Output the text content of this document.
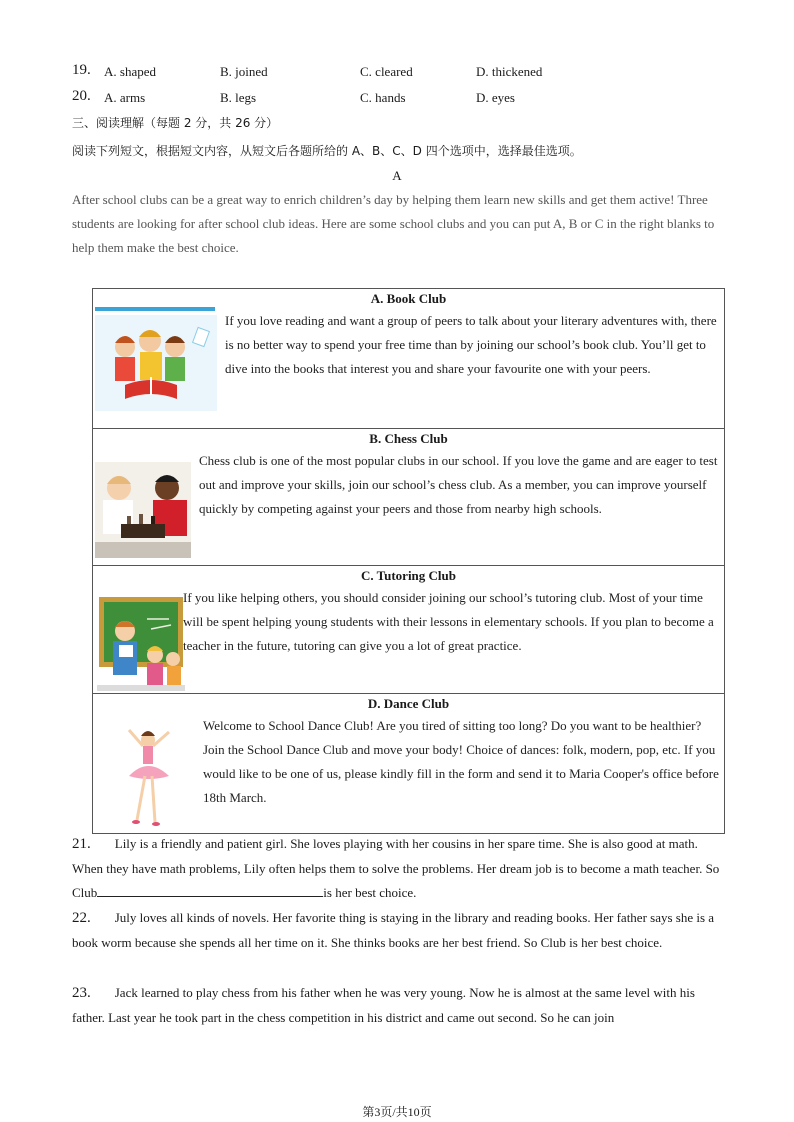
19.	A. shaped	B. joined	C. cleared	D. thickened
20.	A. arms	B. legs	C. hands	D. eyes
三、阅读理解（每题 2 分，共 26 分）
阅读下列短文，根据短文内容，从短文后各题所给的 A、B、C、D 四个选项中，选择最佳选项。
A
After school clubs can be a great way to enrich children’s day by helping them learn new skills and get them active! Three students are looking for after school club ideas. Here are some school clubs and you can put A, B or C in the right blanks to help them make the best choice.
A. Book Club
If you love reading and want a group of peers to talk about your literary adventures with, there is no better way to spend your free time than by joining our school’s book club. You’ll get to dive into the books that interest you and share your favourite one with your peers.

B. Chess Club
Chess club is one of the most popular clubs in our school. If you love the game and are eager to test out and improve your skills, join our school’s chess club. As a member, you can improve yourself quickly by competing against your peers and those from nearby high schools.

C. Tutoring Club
If you like helping others, you should consider joining our school’s tutoring club. Most of your time will be spent helping young students with their lessons in elementary schools. If you plan to become a teacher in the future, tutoring can give you a lot of great practice.

D. Dance Club
Welcome to School Dance Club! Are you tired of sitting too long? Do you want to be healthier? Join the School Dance Club and move your body! Choice of dances: folk, modern, pop, etc. If you would like to be one of us, please kindly fill in the form and send it to Maria Cooper's office before 18th March.
21. Lily is a friendly and patient girl. She loves playing with her cousins in her spare time. She is also good at math. When they have math problems, Lily often helps them to solve the problems. Her dream job is to become a math teacher. So Club	is her best choice.
22. July loves all kinds of novels. Her favorite thing is staying in the library and reading books. Her father says she is a book worm because she spends all her time on it. She thinks books are her best friend. So Club is her best choice.
23. Jack learned to play chess from his father when he was very young. Now he is almost at the same level with his father. Last year he took part in the chess competition in his district and came out second. So he can join
第3页/共10页
